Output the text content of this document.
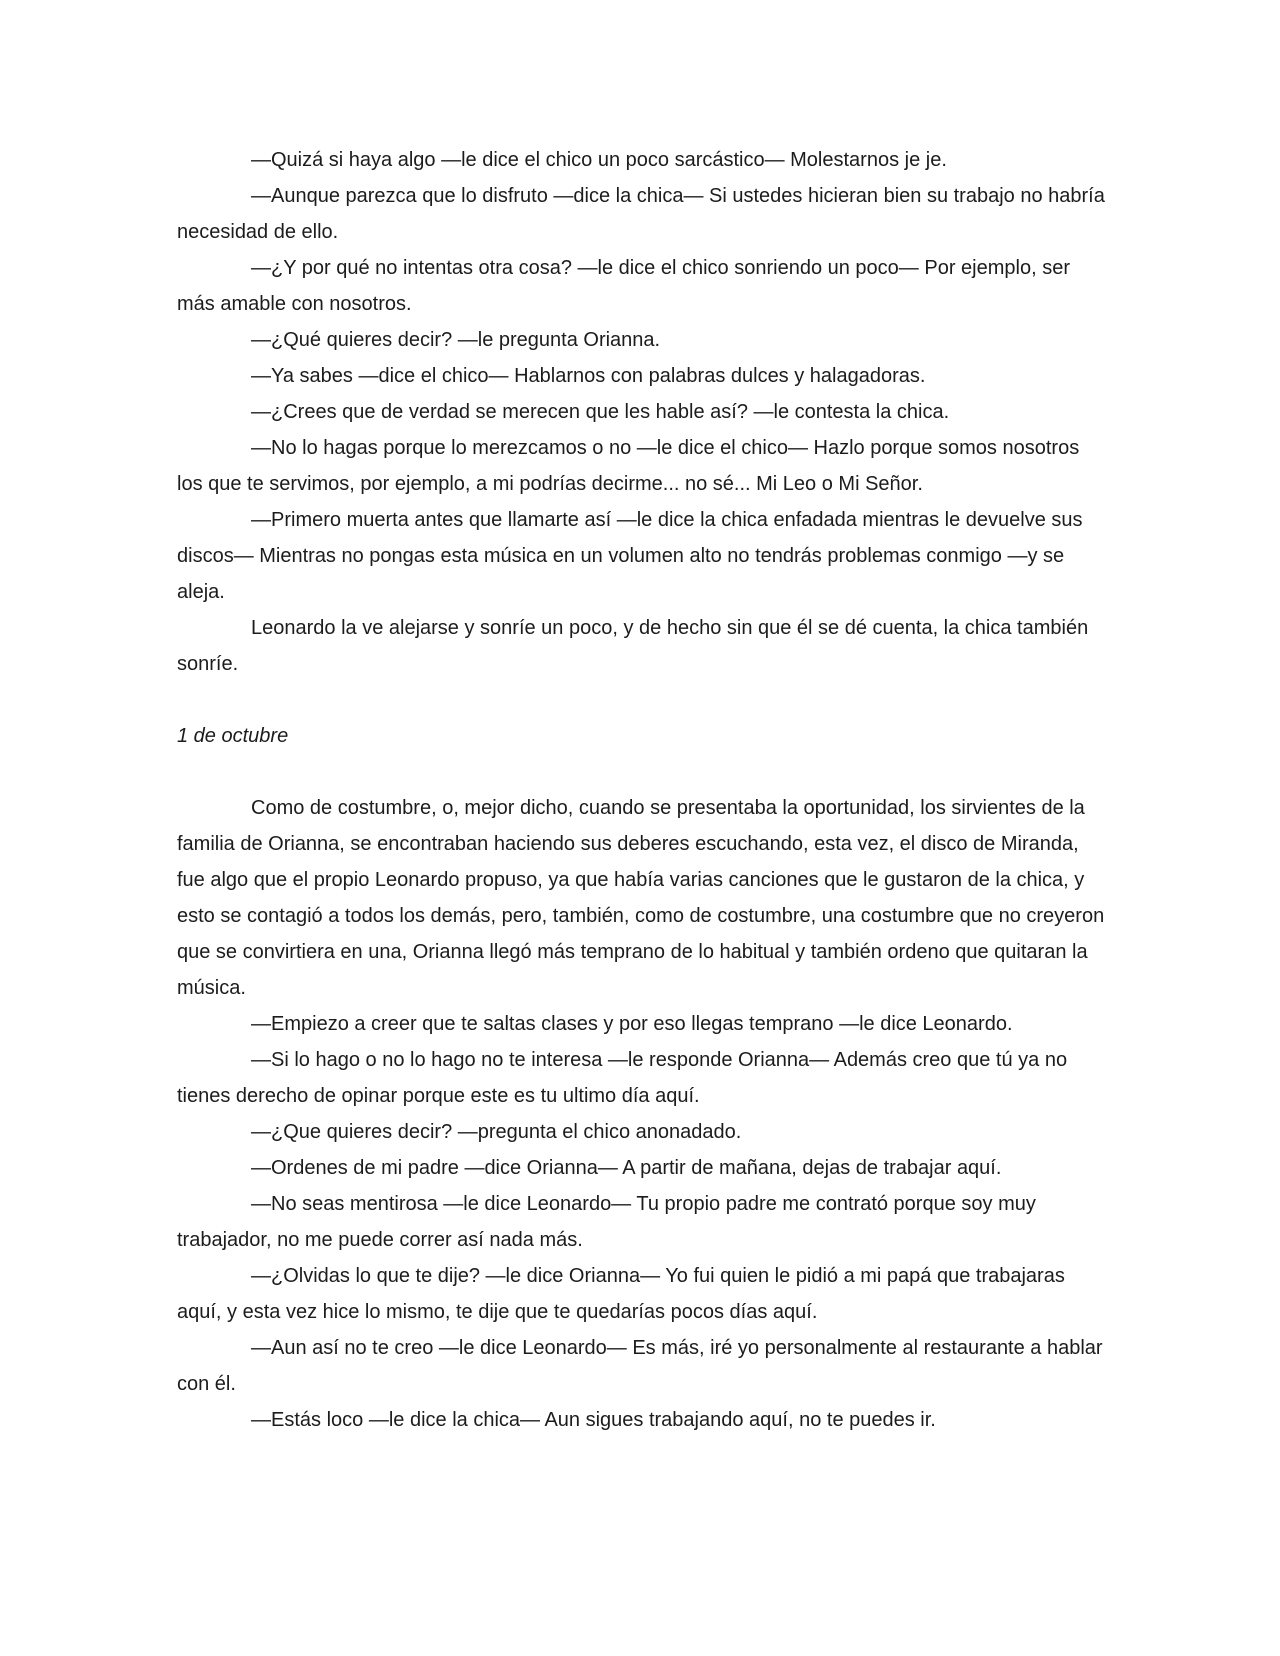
—Quizá si haya algo —le dice el chico un poco sarcástico— Molestarnos je je.

—Aunque parezca que lo disfruto —dice la chica— Si ustedes hicieran bien su trabajo no habría necesidad de ello.

—¿Y por qué no intentas otra cosa? —le dice el chico sonriendo un poco— Por ejemplo, ser más amable con nosotros.

—¿Qué quieres decir? —le pregunta Orianna.

—Ya sabes —dice el chico— Hablarnos con palabras dulces y halagadoras.

—¿Crees que de verdad se merecen que les hable así? —le contesta la chica.

—No lo hagas porque lo merezcamos o no —le dice el chico— Hazlo porque somos nosotros los que te servimos, por ejemplo, a mi podrías decirme... no sé... Mi Leo o Mi Señor.

—Primero muerta antes que llamarte así —le dice la chica enfadada mientras le devuelve sus discos— Mientras no pongas esta música en un volumen alto no tendrás problemas conmigo —y se aleja.

Leonardo la ve alejarse y sonríe un poco, y de hecho sin que él se dé cuenta, la chica también sonríe.

1 de octubre

Como de costumbre, o, mejor dicho, cuando se presentaba la oportunidad, los sirvientes de la familia de Orianna, se encontraban haciendo sus deberes escuchando, esta vez, el disco de Miranda, fue algo que el propio Leonardo propuso, ya que había varias canciones que le gustaron de la chica, y esto se contagió a todos los demás, pero, también, como de costumbre, una costumbre que no creyeron que se convirtiera en una, Orianna llegó más temprano de lo habitual y también ordeno que quitaran la música.

—Empiezo a creer que te saltas clases y por eso llegas temprano —le dice Leonardo.

—Si lo hago o no lo hago no te interesa —le responde Orianna— Además creo que tú ya no tienes derecho de opinar porque este es tu ultimo día aquí.

—¿Que quieres decir? —pregunta el chico anonadado.

—Ordenes de mi padre —dice Orianna— A partir de mañana, dejas de trabajar aquí.

—No seas mentirosa —le dice Leonardo— Tu propio padre me contrató porque soy muy trabajador, no me puede correr así nada más.

—¿Olvidas lo que te dije? —le dice Orianna— Yo fui quien le pidió a mi papá que trabajaras aquí, y esta vez hice lo mismo, te dije que te quedarías pocos días aquí.

—Aun así no te creo —le dice Leonardo— Es más, iré yo personalmente al restaurante a hablar con él.

—Estás loco —le dice la chica— Aun sigues trabajando aquí, no te puedes ir.
